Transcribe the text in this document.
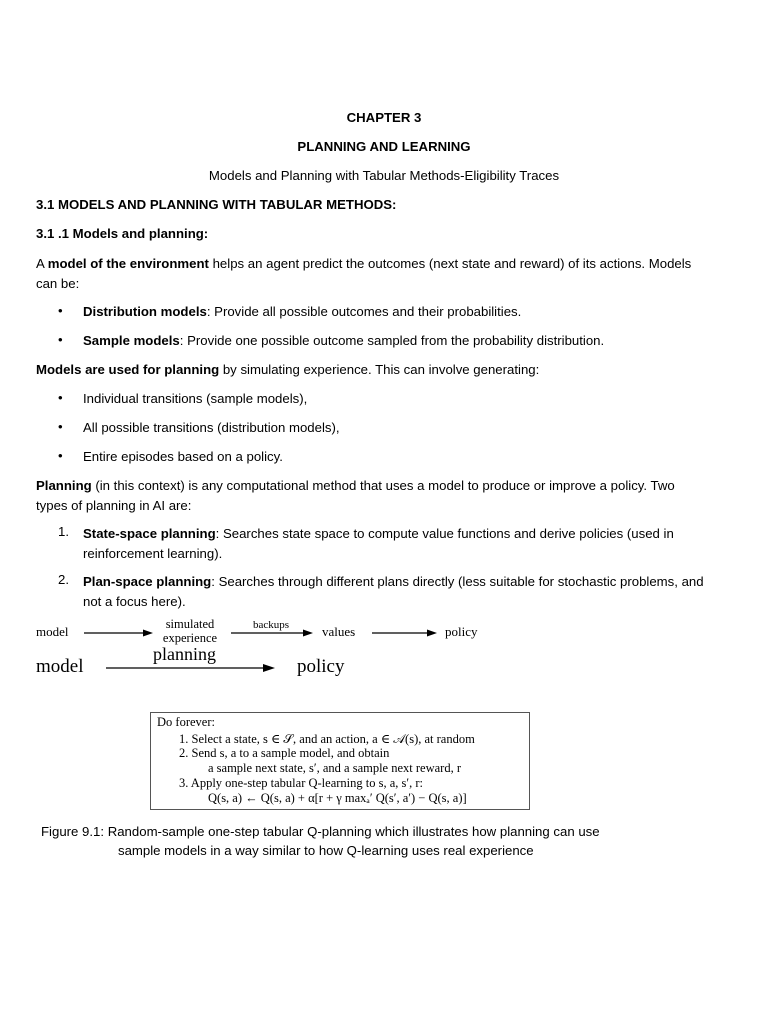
CHAPTER 3
PLANNING AND LEARNING
Models and Planning with Tabular Methods-Eligibility Traces
3.1 MODELS AND PLANNING WITH TABULAR METHODS:
3.1 .1 Models and planning:
A model of the environment helps an agent predict the outcomes (next state and reward) of its actions. Models
can be:
• Distribution models: Provide all possible outcomes and their probabilities.
• Sample models: Provide one possible outcome sampled from the probability distribution.
Models are used for planning by simulating experience. This can involve generating:
• Individual transitions (sample models),
• All possible transitions (distribution models),
• Entire episodes based on a policy.
Planning (in this context) is any computational method that uses a model to produce or improve a policy. Two
types of planning in AI are:
1. State-space planning: Searches state space to compute value functions and derive policies (used in
reinforcement learning).
2. Plan-space planning: Searches through different plans directly (less suitable for stochastic problems, and
not a focus here).
model	simulated
experience
backups	values	policy
model
planning
policy
Do forever:
1. Select a state, s ∈ 𝒮, and an action, a ∈ 𝒜(s), at random
2. Send s, a to a sample model, and obtain
a sample next state, s′, and a sample next reward, r
3. Apply one-step tabular Q-learning to s, a, s′, r:
Q(s, a) ← Q(s, a) + α[r + γ maxₐ′ Q(s′, a′) − Q(s, a)]
Figure 9.1: Random-sample one-step tabular Q-planning which illustrates how planning can use
sample models in a way similar to how Q-learning uses real experience
